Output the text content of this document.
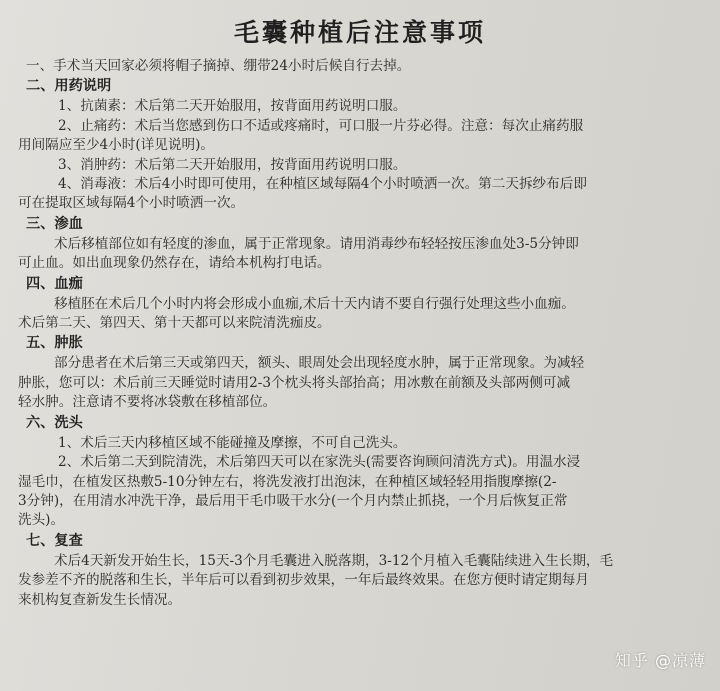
毛囊种植后注意事项
一、手术当天回家必须将帽子摘掉、绷带24小时后候自行去掉。
二、用药说明
1、抗菌素：术后第二天开始服用，按背面用药说明口服。
2、止痛药：术后当您感到伤口不适或疼痛时，可口服一片芬必得。注意：每次止痛药服
用间隔应至少4小时(详见说明)。
3、消肿药：术后第二天开始服用，按背面用药说明口服。
4、消毒液：术后4小时即可使用，在种植区域每隔4个小时喷洒一次。第二天拆纱布后即
可在提取区域每隔4个小时喷洒一次。
三、渗血
术后移植部位如有轻度的渗血，属于正常现象。请用消毒纱布轻轻按压渗血处3-5分钟即
可止血。如出血现象仍然存在，请给本机构打电话。
四、血痂
移植胚在术后几个小时内将会形成小血痂,术后十天内请不要自行强行处理这些小血痂。
术后第二天、第四天、第十天都可以来院清洗痂皮。
五、肿胀
部分患者在术后第三天或第四天，额头、眼周处会出现轻度水肿，属于正常现象。为减轻
肿胀，您可以：术后前三天睡觉时请用2-3个枕头将头部抬高；用冰敷在前额及头部两侧可减
轻水肿。注意请不要将冰袋敷在移植部位。
六、洗头
1、术后三天内移植区域不能碰撞及摩擦，不可自己洗头。
2、术后第二天到院清洗，术后第四天可以在家洗头(需要咨询顾问清洗方式)。用温水浸
湿毛巾，在植发区热敷5-10分钟左右，将洗发液打出泡沫，在种植区域轻轻用指腹摩擦(2-
3分钟)，在用清水冲洗干净，最后用干毛巾吸干水分(一个月内禁止抓挠，一个月后恢复正常
洗头)。
七、复查
术后4天新发开始生长，15天-3个月毛囊进入脱落期，3-12个月植入毛囊陆续进入生长期，毛
发参差不齐的脱落和生长，半年后可以看到初步效果，一年后最终效果。在您方便时请定期每月
来机构复查新发生长情况。
知乎 @凉薄
